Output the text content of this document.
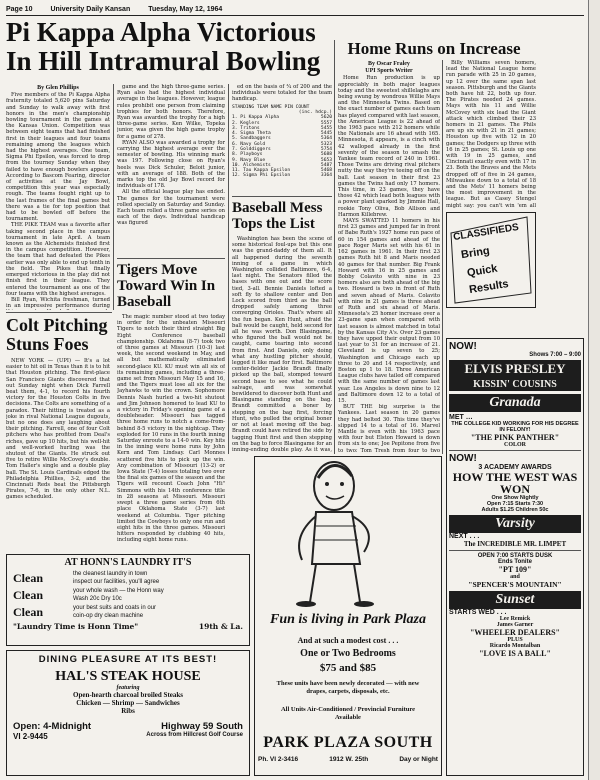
Page 10	University Daily Kansan	Tuesday, May 12, 1964
Pi Kappa Alpha Victorious In Hill Intramural Bowling
By Glen Phillips

Five members of the Pi Kappa Alpha fraternity totaled 5,620 pins Saturday and Sunday to walk away with first honors in the men's championship bowling tournament in the games at the Kansas Union. Competition was between eight teams that had finished first in their leagues and four teams remaining among the leagues which had the highest averages. One team, Sigma Phi Epsilon, was forced to drop from the tourney Sunday when they failed to have enough bowlers appear. According to Bascom Fearing, director of activities at the Jay Bowl, competition this year was especially rough. The teams fought right up to the last frames of the final games but there was a tie for top position that had to be bowled off before the tournament.

THE PIKE TEAM was a favorite after taking second place in the campus tournament in late April. A team known as the Alchemists finished first in the campus competition. However, the team that had defeated the Pikes earlier was only able to end up tenth in the field. The Pikes that finally emerged victorious in the play did not finish first in their league. They entered the tournament as one of the four teams with the highest averages.

Bill Ryan, Wichita freshman, turned in an impressive performance during

game and the high three-game series. Ryan also had the highest individual average in the leagues. However, league rules prohibit one person from claiming trophies for both honors. Therefore, Ryan was awarded the trophy for a high three-game series. Ken Wilke, Topeka junior, was given the high game trophy for a game of 278.

RYAN ALSO was awarded a trophy for carrying the highest average over the semester of bowling. His winning mark was 197. Following close on Ryan's heels was Dick Schuler, Beloit junior, with an average of 188. Both of the marks top the old Jay Bowl record for individuals of 178.

All the official league play has ended. The games for the tournament were rolled specially on Saturday and Sunday. Each team rolled a three game series on each of the days. Individual handicap was figured

ed on the basis of ¾ of 200 and the individuals were totaled for the team handicap.

STANDING TEAM NAME PIN COUNT
(inc. hdcp.)
1. Pi Kappa Alpha	5620
2. Keglers	5557
3. Tritons	5455
4. Sigma Theta	5445
5. Sandbaggers	5364
6. Navy Gold	5323
7. Golddiggers	5754
8. Playboys	5688
9. Navy Blue	5653
10. Alchemists	5487
11. Tau Kappa Epsilon	5468
12. Sigma Phi Epsilon	3364
Baseball Mess Tops the List

Washington has been the scene of some historical foul-ups but this one was the grand-daddy of them all. It all happened during the seventh inning of a game in which Washington collided Baltimore, 6-4, last night. The Senators filled the bases with one out and the score tied, 3-all. Bennie Daniels lofted a soft fly to shallow center and Don Lock scored from third as the ball dropped safely among three converging Orioles. That's where all the fun began. Ken Hunt, afraid the ball would be caught, held second for all he was worth. Don Blasingame, who figured the ball would not be caught, came tearing into second from first. And Daniels, only doing what any hustling pitcher should, legged it like mad for first. Baltimore center-fielder Jackie Brandt finally picked up the ball, stomped toward second base to see what he could salvage, and was somewhat bewildered to discover both Hunt and Blasingame standing on the bag. Brandt committed a boner by stepping on the bag first, forcing Hunt, who pulled the original boner or not at least moving off the bag. Brandt could have retired the side by tagging Hunt first and then stepping on the bag to force Blasingame for an inning-ending double play. As it was,

Tigers Move Toward Win In Baseball

The magic number stood at two today in order for the unbeaten Missouri Tigers to notch their third straight Big Eight Conference baseball championship. Oklahoma (8-7) took two of three games at Missouri (10-3) last week, the second weekend in May, and all but mathematically eliminated second-place KU. KU must win all six of its remaining games, including a three-game set from Missouri May 15 and 16, and the Tigers must lose all six for the Jayhawks to win the crown. Sophomore Dennis Nash hurled a two-hit shutout and Jim Johnson homered to lead KU to a victory in Friday's opening game of a doubleheader. Missouri has tagged three home runs to notch a come-from-behind 8-5 victory in the nightcap. They exploded for 10 runs in the fourth inning Saturday enroute to a 14-0 win. Key hits in the inning were home runs by John Kern and Tom Lindsay. Carl Monnes scattered five hits to pick up the win. Any combination of Missouri (13-2) or Iowa State (7-4) losses totaling two over the final six games of the season and the Tigers will recount Coach John "Hi" Simmons with his 14th conference title in 28 seasons at Missouri. Missouri swept a three game series from 6th place Oklahoma State (3-7) last weekend at Columbia. Tiger pitching limited the Cowboys to only one run and eight hits in the three games. Missouri hitters responded by clubbing 40 hits, including eight home runs.

Colt Pitching Stuns Foes

NEW YORK — (UPI) — It's a lot easier to hit oil in Texas than it is to hit that Houston pitching. The first-place San Francisco Giants discovered that out Sunday night when Dick Farrell beat them, 4-1, to record his fourth victory for the Houston Colts in five decisions. The Colts are something of a paradox. Their hitting is treated as a joke in rival National League dugouts, but no one does any laughing about their pitching. Farrell, one of four Colt pitchers who has profited from Deal's riches, gave up 10 hits, but his well-hit and well-worked hurling was the shutout of the Giants. He struck out five to retire Willie McCovey's double. Tom Haller's single and a double play ball. The St. Louis Cardinals edged the Philadelphia Phillies, 3-2, and the Cincinnati Reds beat the Pittsburgh Pirates, 7-6, in the only other N.L. games scheduled.

AT HONN'S LAUNDRY IT'S
Clean	the cleanest laundry in town
inspect our facilities, you'll agree
Clean	your whole wash — the Honn way
Wash 20c Dry 10c
Clean	your best suits and coats in our
coin-op dry clean machine
"Laundry Time is Honn Time"	19th & La.
DINING PLEASURE AT ITS BEST!
HAL'S STEAK HOUSE
featuring
Open-hearth charcoal broiled Steaks
Chicken — Shrimp — Sandwiches
Ribs
Open: 4-Midnight
VI 2-9445
Highway 59 South
Across from Hillcrest Golf Course
Home Runs on Increase
By Oscar Fraley
UPI Sports Writer

Home Run production is up appreciably in both major leagues today and the sweetest shillelaghs are being swung by wondrous Willie Mays and the Minnesota Twins. Based on the exact number of games each team has played compared with last season, the American League is 22 ahead of the 1963 pace with 212 homers while the Nationals are 16 ahead with 165. Minnesota, it appears, is a cinch with 42 walloped already in the first seventy of the season to smash the Yankee team record of 240 in 1961. Those Twins are driving rival pitchers nutty the way they're teeing off on the ball. Last season in their first 23 games the Twins had only 17 homers. This time, in 23 games, they have those 42 which lead both leagues with a power plant sparked by Jimmie Hall, rookie Tony Oliva, Bob Allison and Harmon Killebrew.

MAYS SWATTED 11 homers in his first 23 games and jumped far in front of Babe Ruth's 1927 home run pace of 60 in 154 games and ahead of the pace Roger Maris set with his 61 in 162 games in 1961. In their first 23 games Ruth hit 8 and Maris needed 40 games for that number. Big Frank Howard with 16 in 25 games and Bobby Colavito with nine in 23 homers also are both ahead of the big two. Howard is two in front of Ruth and seven ahead of Maris. Colavito with nine in 21 games is three ahead of Ruth and six ahead of Maris. Minnesota's 25 homer increase over a 23-game span when compared with last season is almost matched in total by the Kansas City A's. Over 23 games they have upped their output from 10 last year to 31 for an increase of 21. Cleveland is up seven to 25; Washington and Chicago each up three to 20 and 14 respectively, and Boston up 1 to 18. Three American League clubs have tailed off compared with the same number of games last year. Los Angeles is down nine to 12 and Baltimore down 12 to a total of 15.

BUT THE big surprise is the Yankees. Last season in 20 games they had belted 30. This time they've slipped 14 to a total of 16. Marvel Mantle is even with his 1963 pace with four but Elston Howard is down from six to one; Joe Pepitone from five to two; Tom Tresh from four to two

Billy Williams seven homers, lead the National League home run parade with 25 in 20 games, up 12 over the same span last season. Pittsburgh and the Giants both have hit 22, both up four. The Pirates needed 24 games. Mays with his 11 and Willie McCovey with six lead the Giant attack which climbed their 23 homers in 21 games. The Phils are up six with 21 in 21 games; Houston up five with 12 in 20 games; the Dodgers up three with 16 in 25 games; St. Louis up one with 19 in 25 games, and Cincinnati exactly even with 17 in 23. Both the Braves and the Mets dropped off of five in 24 games, Milwaukee down to a total of 18 and the Mets' 11 homers being the most improvement in the league. But as Casey Stengel might say: you can't win 'em all

CLASSIFIEDS
Bring
Quick
Results
NOW!
Shows 7:00 – 9:00
ELVIS PRESLEY
KISSIN' COUSINS
Granada
MET …
THE COLLEGE KID WORKING FOR HIS DEGREE IN FELONY!
"THE PINK PANTHER"
COLOR
NOW!
3 ACADEMY AWARDS
HOW THE WEST WAS WON
One Show Nightly
Open 7:15 Starts 7:30
Adults $1.25 Children 50c
Varsity
NEXT . . .
The INCREDIBLE MR. LIMPET
OPEN 7:00 STARTS DUSK
Ends Tonite
"PT 109"
and
"SPENCER'S MOUNTAIN"
Sunset
STARTS WED . . .
Lee Remick
James Garner
"WHEELER DEALERS"
PLUS
Ricardo Montalban
"LOVE IS A BALL"
Fun is living in Park Plaza
And at such a modest cost . . .
One or Two Bedrooms
$75 and $85
These units have been newly decorated — with new drapes, carpets, disposals, etc.
All Units Air-Conditioned / Provincial Furniture Available
PARK PLAZA SOUTH
Ph. VI 2-3416	1912 W. 25th	Day or Night
